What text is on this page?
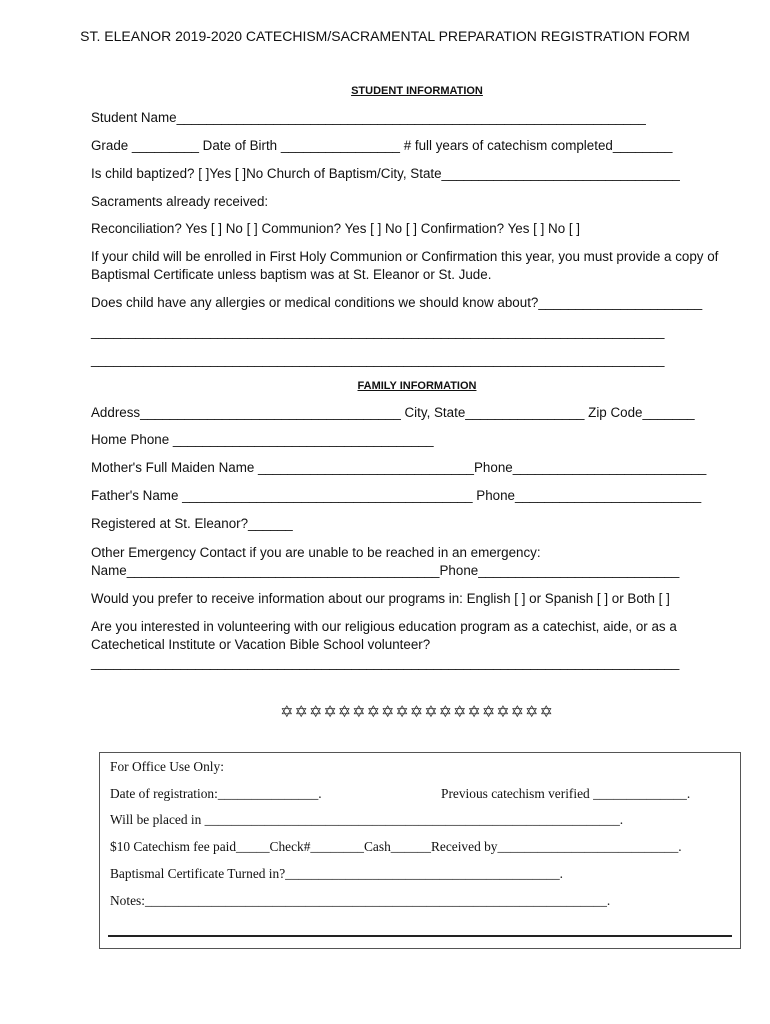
ST. ELEANOR 2019-2020 CATECHISM/SACRAMENTAL PREPARATION REGISTRATION FORM
STUDENT INFORMATION
Student Name_______________________________________________________________
Grade _________ Date of Birth ________________ # full years of catechism completed________
Is child baptized? [ ]Yes [ ]No Church of Baptism/City, State________________________________
Sacraments already received:
Reconciliation? Yes [ ] No [ ] Communion? Yes [ ] No [ ] Confirmation? Yes [ ] No [ ]
If your child will be enrolled in First Holy Communion or Confirmation this year, you must provide a copy of
Baptismal Certificate unless baptism was at St. Eleanor or St. Jude.
Does child have any allergies or medical conditions we should know about?______________________
_____________________________________________________________________________
_____________________________________________________________________________
FAMILY INFORMATION
Address___________________________________ City, State________________ Zip Code_______
Home Phone ___________________________________
Mother's Full Maiden Name _____________________________Phone__________________________
Father's Name _______________________________________ Phone_________________________
Registered at St. Eleanor?______
Other Emergency Contact if you are unable to be reached in an emergency:
Name__________________________________________Phone___________________________
Would you prefer to receive information about our programs in: English [ ] or Spanish [ ] or Both [ ]
Are you interested in volunteering with our religious education program as a catechist, aide, or as a
Catechetical Institute or Vacation Bible School volunteer?
_______________________________________________________________________________
✡✡✡✡✡✡✡✡✡✡✡✡✡✡✡✡✡✡✡
For Office Use Only:
Date of registration:_______________.	Previous catechism verified ______________.
Will be placed in ______________________________________________________________.
$10 Catechism fee paid_____Check#________Cash______Received by___________________________.
Baptismal Certificate Turned in?_________________________________________.
Notes:_____________________________________________________________________.
